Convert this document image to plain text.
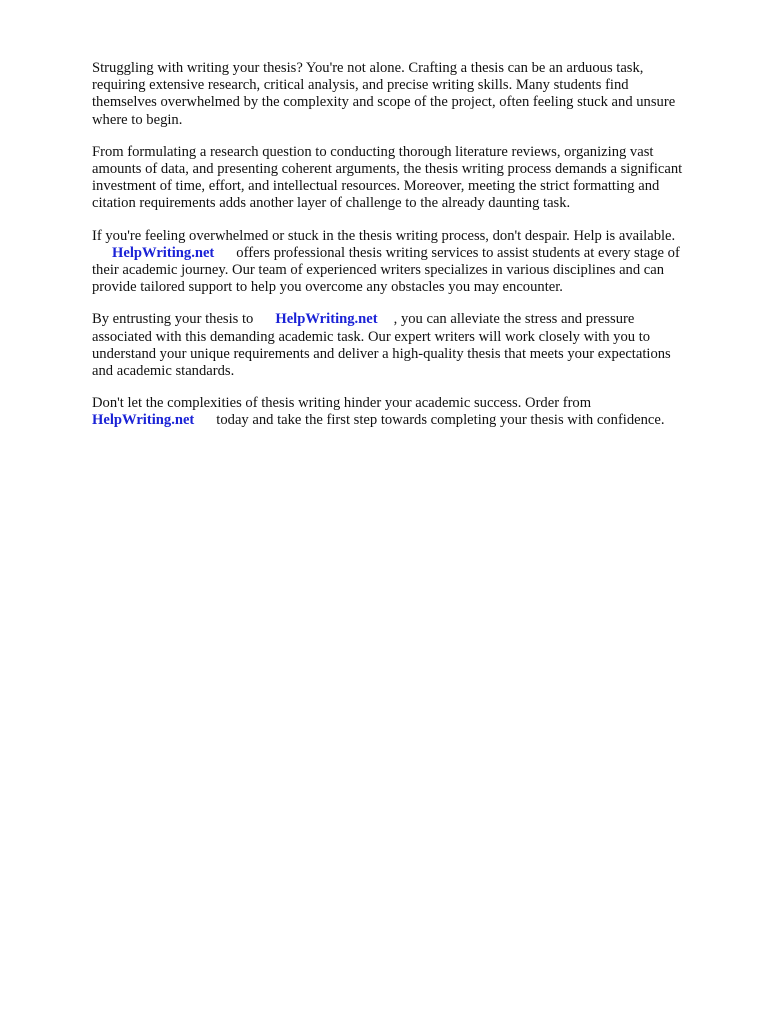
Struggling with writing your thesis? You're not alone. Crafting a thesis can be an arduous task,
requiring extensive research, critical analysis, and precise writing skills. Many students find
themselves overwhelmed by the complexity and scope of the project, often feeling stuck and unsure
where to begin.

From formulating a research question to conducting thorough literature reviews, organizing vast
amounts of data, and presenting coherent arguments, the thesis writing process demands a significant
investment of time, effort, and intellectual resources. Moreover, meeting the strict formatting and
citation requirements adds another layer of challenge to the already daunting task.

If you're feeling overwhelmed or stuck in the thesis writing process, don't despair. Help is available.
HelpWriting.net offers professional thesis writing services to assist students at every stage of
their academic journey. Our team of experienced writers specializes in various disciplines and can
provide tailored support to help you overcome any obstacles you may encounter.

By entrusting your thesis to HelpWriting.net , you can alleviate the stress and pressure
associated with this demanding academic task. Our expert writers will work closely with you to
understand your unique requirements and deliver a high-quality thesis that meets your expectations
and academic standards.

Don't let the complexities of thesis writing hinder your academic success. Order from
HelpWriting.net today and take the first step towards completing your thesis with confidence.
